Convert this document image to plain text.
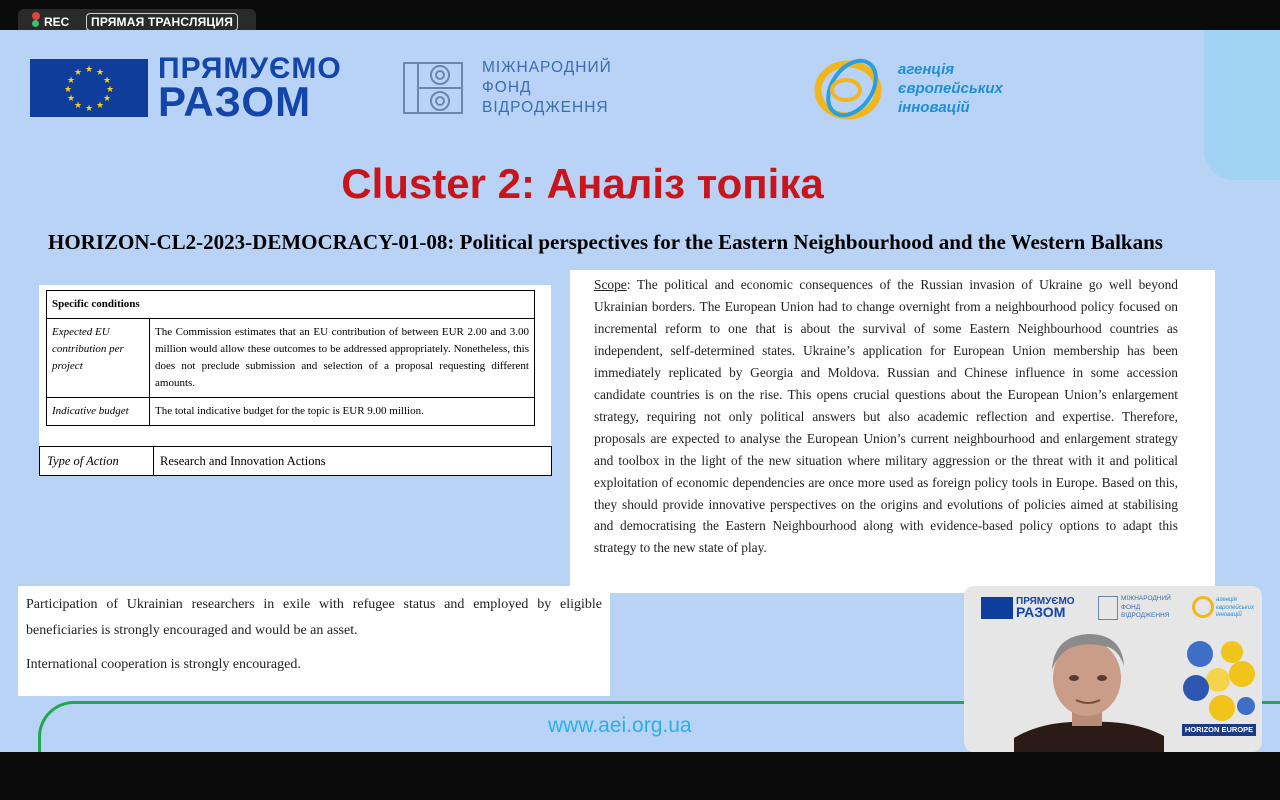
REC	ПРЯМАЯ ТРАНСЛЯЦИЯ
★ ★
★
★
★
★
★
★
★
★
★
★	ПРЯМУЄМО
РАЗОМ
МІЖНАРОДНИЙ
ФОНД
ВІДРОДЖЕННЯ
агенція
європейських
інновацій
Cluster 2: Аналіз топіка
HORIZON-CL2-2023-DEMOCRACY-01-08: Political perspectives for the Eastern Neighbourhood and the Western Balkans
Specific conditions	
Expected EU contribution per project	The Commission estimates that an EU contribution of between EUR 2.00 and 3.00 million would allow these outcomes to be addressed appropriately. Nonetheless, this does not preclude submission and selection of a proposal requesting different amounts.
Indicative budget	The total indicative budget for the topic is EUR 9.00 million.
Type of Action	Research and Innovation Actions
Scope: The political and economic consequences of the Russian invasion of Ukraine go well beyond Ukrainian borders. The European Union had to change overnight from a neighbourhood policy focused on incremental reform to one that is about the survival of some Eastern Neighbourhood countries as independent, self-determined states. Ukraine’s application for European Union membership has been immediately replicated by Georgia and Moldova. Russian and Chinese influence in some accession candidate countries is on the rise. This opens crucial questions about the European Union’s enlargement strategy, requiring not only political answers but also academic reflection and expertise. Therefore, proposals are expected to analyse the European Union’s current neighbourhood and enlargement strategy and toolbox in the light of the new situation where military aggression or the threat with it and political exploitation of economic dependencies are once more used as foreign policy tools in Europe. Based on this, they should provide innovative perspectives on the origins and evolutions of policies aimed at stabilising and democratising the Eastern Neighbourhood along with evidence-based policy options to adapt this strategy to the new state of play.
Participation of Ukrainian researchers in exile with refugee status and employed by eligible beneficiaries is strongly encouraged and would be an asset.
International cooperation is strongly encouraged.
www.aei.org.ua
ПРЯМУЄМО
РАЗОМ
МІЖНАРОДНИЙ
ФОНД
ВІДРОДЖЕННЯ
агенція
європейських
інновацій
HORIZON EUROPE
